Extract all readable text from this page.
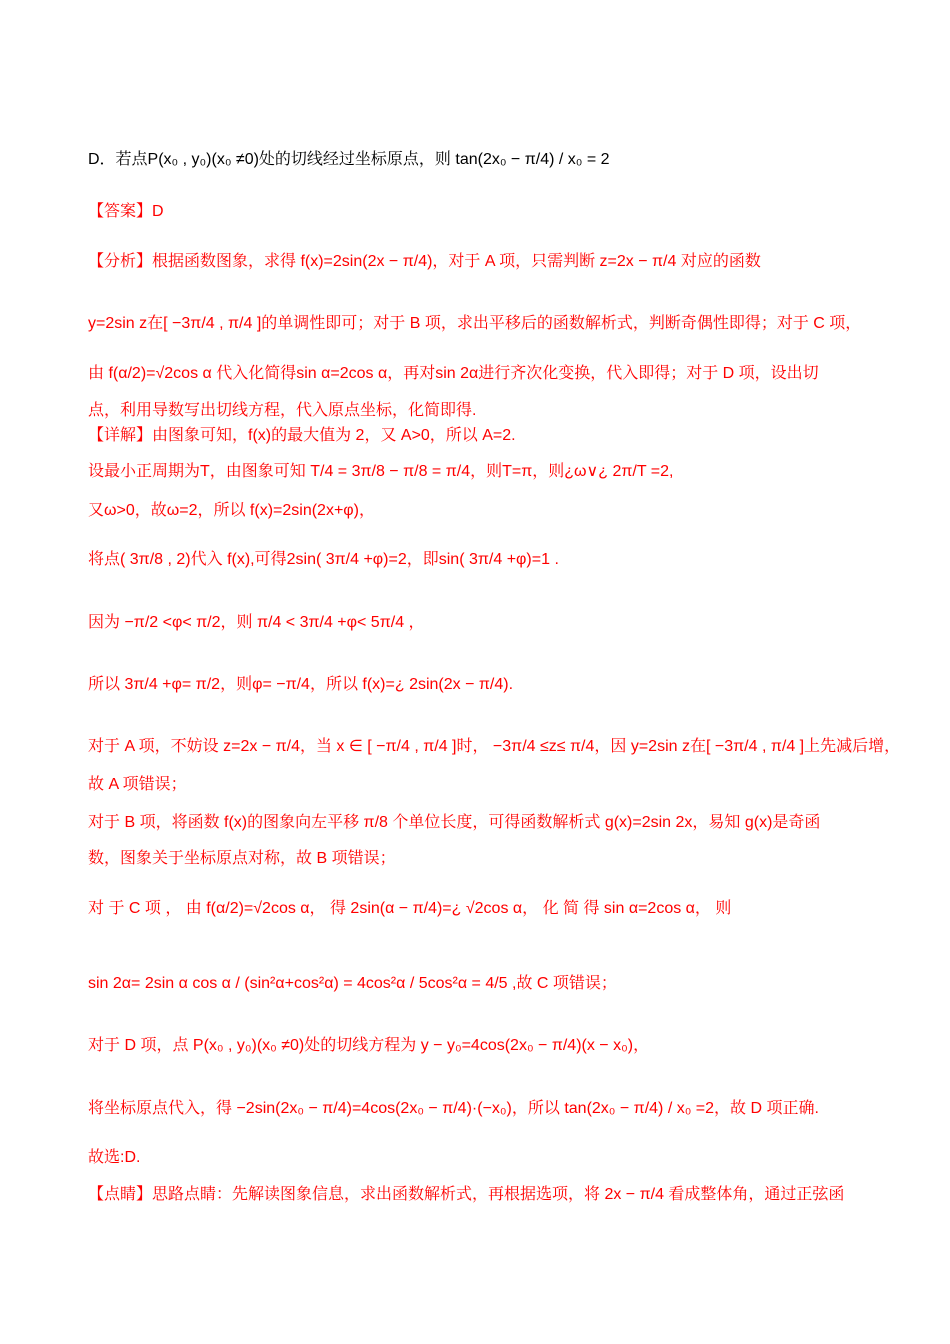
D．若点P(x₀ , y₀)(x₀ ≠0)处的切线经过坐标原点，则 tan(2x₀ − π/4) / x₀ = 2
【答案】D
【分析】根据函数图象，求得 f(x)=2sin(2x − π/4)，对于 A 项，只需判断 z=2x − π/4 对应的函数
y=2sin z在[ −3π/4 , π/4 ]的单调性即可；对于 B 项，求出平移后的函数解析式，判断奇偶性即得；对于 C 项，
由 f(α/2)=√2cos α 代入化简得sin α=2cos α，再对sin 2α进行齐次化变换，代入即得；对于 D 项，设出切
点，利用导数写出切线方程，代入原点坐标，化简即得.
【详解】由图象可知，f(x)的最大值为 2，又 A>0，所以 A=2.
设最小正周期为T，由图象可知 T/4 = 3π/8 − π/8 = π/4，则T=π，则¿ω∨¿ 2π/T =2,
又ω>0，故ω=2，所以 f(x)=2sin(2x+φ)，
将点( 3π/8 , 2)代入 f(x),可得2sin( 3π/4 +φ)=2，即sin( 3π/4 +φ)=1 .
因为 −π/2 <φ< π/2，则 π/4 < 3π/4 +φ< 5π/4 ，
所以 3π/4 +φ= π/2，则φ= −π/4，所以 f(x)=¿ 2sin(2x − π/4).
对于 A 项，不妨设 z=2x − π/4，当 x ∈ [ −π/4 , π/4 ]时， −3π/4 ≤z≤ π/4，因 y=2sin z在[ −3π/4 , π/4 ]上先减后增，
故 A 项错误；
对于 B 项，将函数 f(x)的图象向左平移 π/8 个单位长度，可得函数解析式 g(x)=2sin 2x，易知 g(x)是奇函
数，图象关于坐标原点对称，故 B 项错误；
对 于 C 项 ， 由 f(α/2)=√2cos α， 得 2sin(α − π/4)=¿ √2cos α， 化 简 得 sin α=2cos α， 则
sin 2α= 2sin α cos α / (sin²α+cos²α) = 4cos²α / 5cos²α = 4/5 ,故 C 项错误；
对于 D 项，点 P(x₀ , y₀)(x₀ ≠0)处的切线方程为 y − y₀=4cos(2x₀ − π/4)(x − x₀)，
将坐标原点代入，得 −2sin(2x₀ − π/4)=4cos(2x₀ − π/4)·(−x₀)，所以 tan(2x₀ − π/4) / x₀ =2，故 D 项正确.
故选:D.
【点睛】思路点睛：先解读图象信息，求出函数解析式，再根据选项，将 2x − π/4 看成整体角，通过正弦函
